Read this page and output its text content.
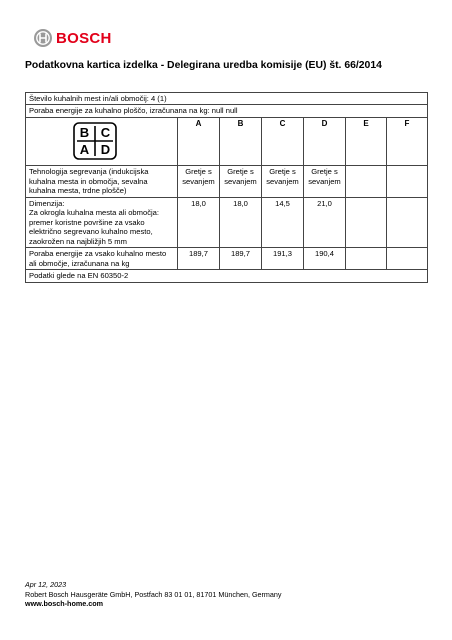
BOSCH
Podatkovna kartica izdelka - Delegirana uredba komisije (EU) št. 66/2014
Število kuhalnih mest in/ali območij: 4 (1)						
Poraba energije za kuhalno ploščo, izračunana na kg: null null						

B C
A D	A	B	C	D	E	F
Tehnologija segrevanja (indukcijska kuhalna mesta in območja, sevalna kuhalna mesta, trdne plošče)	Gretje s sevanjem	Gretje s sevanjem	Gretje s sevanjem	Gretje s sevanjem		

Dimenzija:
Za okrogla kuhalna mesta ali območja:
premer koristne površine za vsako
električno segrevano kuhalno mesto,
zaokrožen na najbližjih 5 mm	18,0	18,0	14,5	21,0		
Poraba energije za vsako kuhalno mesto ali območje, izračunana na kg	189,7	189,7	191,3	190,4		
Podatki glede na EN 60350-2						
Apr 12, 2023
Robert Bosch Hausgeräte GmbH, Postfach 83 01 01, 81701 München, Germany
www.bosch-home.com
